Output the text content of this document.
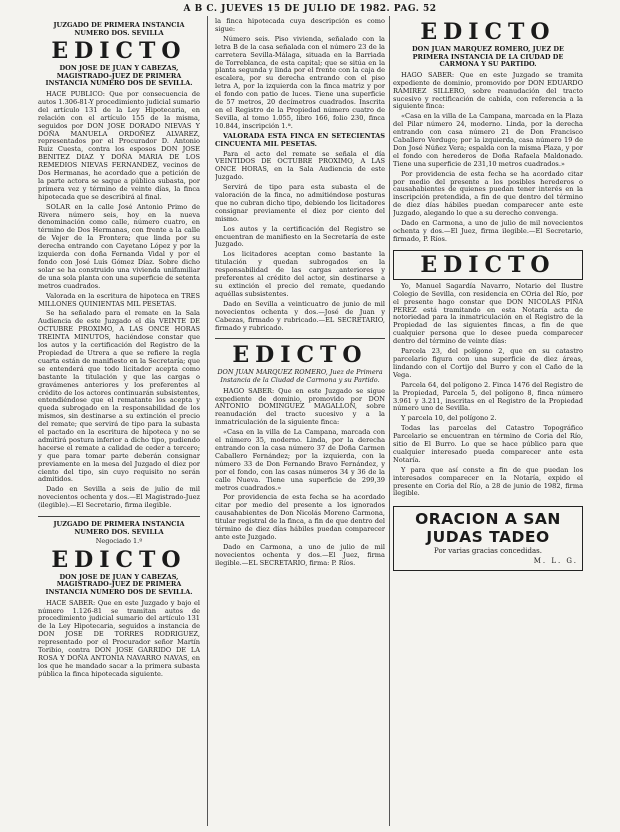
A B C. JUEVES 15 DE JULIO DE 1982. PAG. 52
JUZGADO DE PRIMERA INSTANCIA NUMERO DOS. SEVILLA
EDICTO
DON JOSE DE JUAN Y CABEZAS, MAGISTRADO-JUEZ DE PRIMERA INSTANCIA NUMERO DOS DE SEVILLA.

HACE PUBLICO: Que por consecuencia de autos 1.306-81-Y procedimiento judicial sumario del artículo 131 de la Ley Hipotecaria, en relación con el artículo 155 de la misma, seguidos por DON JOSE DORADO NIEVAS Y DOÑA MANUELA ORDOÑEZ ALVAREZ, representados por el Procurador D. Antonio Ruiz Cuesta, contra los esposos DON JOSE BENITEZ DIAZ Y DOÑA MARIA DE LOS REMEDIOS NIEVAS FERNANDEZ, vecinos de Dos Hermanas, he acordado que a petición de la parte actora se saque a pública subasta, por primera vez y término de veinte días, la finca hipotecada que se describirá al final.

SOLAR en la calle José Antonio Primo de Rivera número seis, hoy en la nueva denominación como calle, número cuatro, en término de Dos Hermanas, con frente a la calle de Vejer de la Frontera; que linda por su derecha entrando con Cayetano López y por la izquierda con doña Fernanda Vidal y por el fondo con José Luis Gómez Díaz. Sobre dicho solar se ha construido una vivienda unifamiliar de una sola planta con una superficie de setenta metros cuadrados.

Valorada en la escritura de hipoteca en TRES MILLONES QUINIENTAS MIL PESETAS.

Se ha señalado para el remate en la Sala Audiencia de este Juzgado el día VEINTE DE OCTUBRE PROXIMO, A LAS ONCE HORAS TREINTA MINUTOS, haciéndose constar que los autos y la certificación del Registro de la Propiedad de Utrera a que se refiere la regla cuarta están de manifiesto en la Secretaría; que se entenderá que todo licitador acepta como bastante la titulación y que las cargas o gravámenes anteriores y los preferentes al crédito de los actores continuarán subsistentes, entendiéndose que el rematante los acepta y queda subrogado en la responsabilidad de los mismos, sin destinarse a su extinción el precio del remate; que servirá de tipo para la subasta el pactado en la escritura de hipoteca y no se admitirá postura inferior a dicho tipo, pudiendo hacerse el remate a calidad de ceder a tercero; y que para tomar parte deberán consignar previamente en la mesa del Juzgado el diez por ciento del tipo, sin cuyo requisito no serán admitidos.

Dado en Sevilla a seis de julio de mil novecientos ochenta y dos.—El Magistrado-Juez (ilegible).—El Secretario, firma ilegible.

JUZGADO DE PRIMERA INSTANCIA NUMERO DOS. SEVILLA
Negociado 1.º
EDICTO
DON JOSE DE JUAN Y CABEZAS, MAGISTRADO-JUEZ DE PRIMERA INSTANCIA NUMERO DOS DE SEVILLA.

HACE SABER: Que en este Juzgado y bajo el número 1.126-81 se tramitan autos de procedimiento judicial sumario del artículo 131 de la Ley Hipotecaria, seguidos a instancia de DON JOSE DE TORRES RODRIGUEZ, representado por el Procurador señor Martín Toribio, contra DON JOSE GARRIDO DE LA ROSA Y DOÑA ANTONIA NAVARRO NAVAS, en los que he mandado sacar a la primera subasta pública la finca hipotecada siguiente.

la finca hipotecada cuya descripción es como sigue:

Número seis. Piso vivienda, señalado con la letra B de la casa señalada con el número 23 de la carretera Sevilla-Málaga, situada en la Barriada de Torreblanca, de esta capital; que se sitúa en la planta segunda y linda por el frente con la caja de escalera, por su derecha entrando con el piso letra A, por la izquierda con la finca matriz y por el fondo con patio de luces. Tiene una superficie de 57 metros, 20 decímetros cuadrados. Inscrita en el Registro de la Propiedad número cuatro de Sevilla, al tomo 1.055, libro 166, folio 230, finca 10.844, inscripción 1.ª.

VALORADA ESTA FINCA EN SETECIENTAS CINCUENTA MIL PESETAS.

Para el acto del remate se señala el día VEINTIDOS DE OCTUBRE PROXIMO, A LAS ONCE HORAS, en la Sala Audiencia de este Juzgado.

Servirá de tipo para esta subasta el de valoración de la finca, no admitiéndose posturas que no cubran dicho tipo, debiendo los licitadores consignar previamente el diez por ciento del mismo.

Los autos y la certificación del Registro se encuentran de manifiesto en la Secretaría de este Juzgado.

Los licitadores aceptan como bastante la titulación y quedan subrogados en la responsabilidad de las cargas anteriores y preferentes al crédito del actor, sin destinarse a su extinción el precio del remate, quedando aquéllas subsistentes.

Dado en Sevilla a veinticuatro de junio de mil novecientos ochenta y dos.—José de Juan y Cabezas, firmado y rubricado.—EL SECRETARIO, firmado y rubricado.

EDICTO
DON JUAN MARQUEZ ROMERO, Juez de Primera Instancia de la Ciudad de Carmona y su Partido.

HAGO SABER: Que en este Juzgado se sigue expediente de dominio, promovido por DON ANTONIO DOMINGUEZ MAGALLON, sobre reanudación del tracto sucesivo y a la inmatriculación de la siguiente finca:

«Casa en la villa de La Campana, marcada con el número 35, moderno. Linda, por la derecha entrando con la casa número 37 de Doña Carmen Caballero Fernández; por la izquierda, con la número 33 de Don Fernando Bravo Fernández, y por el fondo, con las casas números 34 y 36 de la calle Nueva. Tiene una superficie de 299,39 metros cuadrados.»

Por providencia de esta fecha se ha acordado citar por medio del presente a los ignorados causahabientes de Don Nicolás Moreno Carmona, titular registral de la finca, a fin de que dentro del término de diez días hábiles puedan comparecer ante este Juzgado.

Dado en Carmona, a uno de julio de mil novecientos ochenta y dos.—El Juez, firma ilegible.—EL SECRETARIO, firma: P. Ríos.

EDICTO
DON JUAN MARQUEZ ROMERO, JUEZ DE PRIMERA INSTANCIA DE LA CIUDAD DE CARMONA Y SU PARTIDO.

HAGO SABER: Que en este Juzgado se tramita expediente de dominio, promovido por DON EDUARDO RAMIREZ SILLERO, sobre reanudación del tracto sucesivo y rectificación de cabida, con referencia a la siguiente finca:

«Casa en la villa de La Campana, marcada en la Plaza del Pilar número 24, moderno. Linda, por la derecha entrando con casa número 21 de Don Francisco Caballero Verdugo; por la izquierda, casa número 19 de Don José Núñez Vera; espalda con la misma Plaza, y por el fondo con herederos de Doña Rafaela Maldonado. Tiene una superficie de 231,10 metros cuadrados.»

Por providencia de esta fecha se ha acordado citar por medio del presente a los posibles herederos o causahabientes de quienes puedan tener interés en la inscripción pretendida, a fin de que dentro del término de diez días hábiles puedan comparecer ante este Juzgado, alegando lo que a su derecho convenga.

Dado en Carmona, a uno de julio de mil novecientos ochenta y dos.—El Juez, firma ilegible.—El Secretario, firmado, P. Ríos.

EDICTO

Yo, Manuel Sagardía Navarro, Notario del Ilustre Colegio de Sevilla, con residencia en COria del Río, por el presente hago constar que DON NICOLAS PIÑA PEREZ está tramitando en esta Notaría acta de notoriedad para la inmatriculación en el Registro de la Propiedad de las siguientes fincas, a fin de que cualquier persona que lo desee pueda comparecer dentro del término de veinte días:

Parcela 23, del polígono 2, que en su catastro parcelario figura con una superficie de diez áreas, lindando con el Cortijo del Burro y con el Caño de la Vega.

Parcela 64, del polígono 2. Finca 1476 del Registro de la Propiedad, Parcela 5, del polígono 8, finca número 3.961 y 3.211, inscritas en el Registro de la Propiedad número uno de Sevilla.

Y parcela 10, del polígono 2.

Todas las parcelas del Catastro Topográfico Parcelario se encuentran en término de Coria del Río, sitio de El Burro. Lo que se hace público para que cualquier interesado pueda comparecer ante esta Notaría.

Y para que así conste a fin de que puedan los interesados comparecer en la Notaría, expido el presente en Coria del Río, a 28 de junio de 1982, firma ilegible.

ORACION A SAN JUDAS TADEO
Por varias gracias concedidas.
M. L. G.
